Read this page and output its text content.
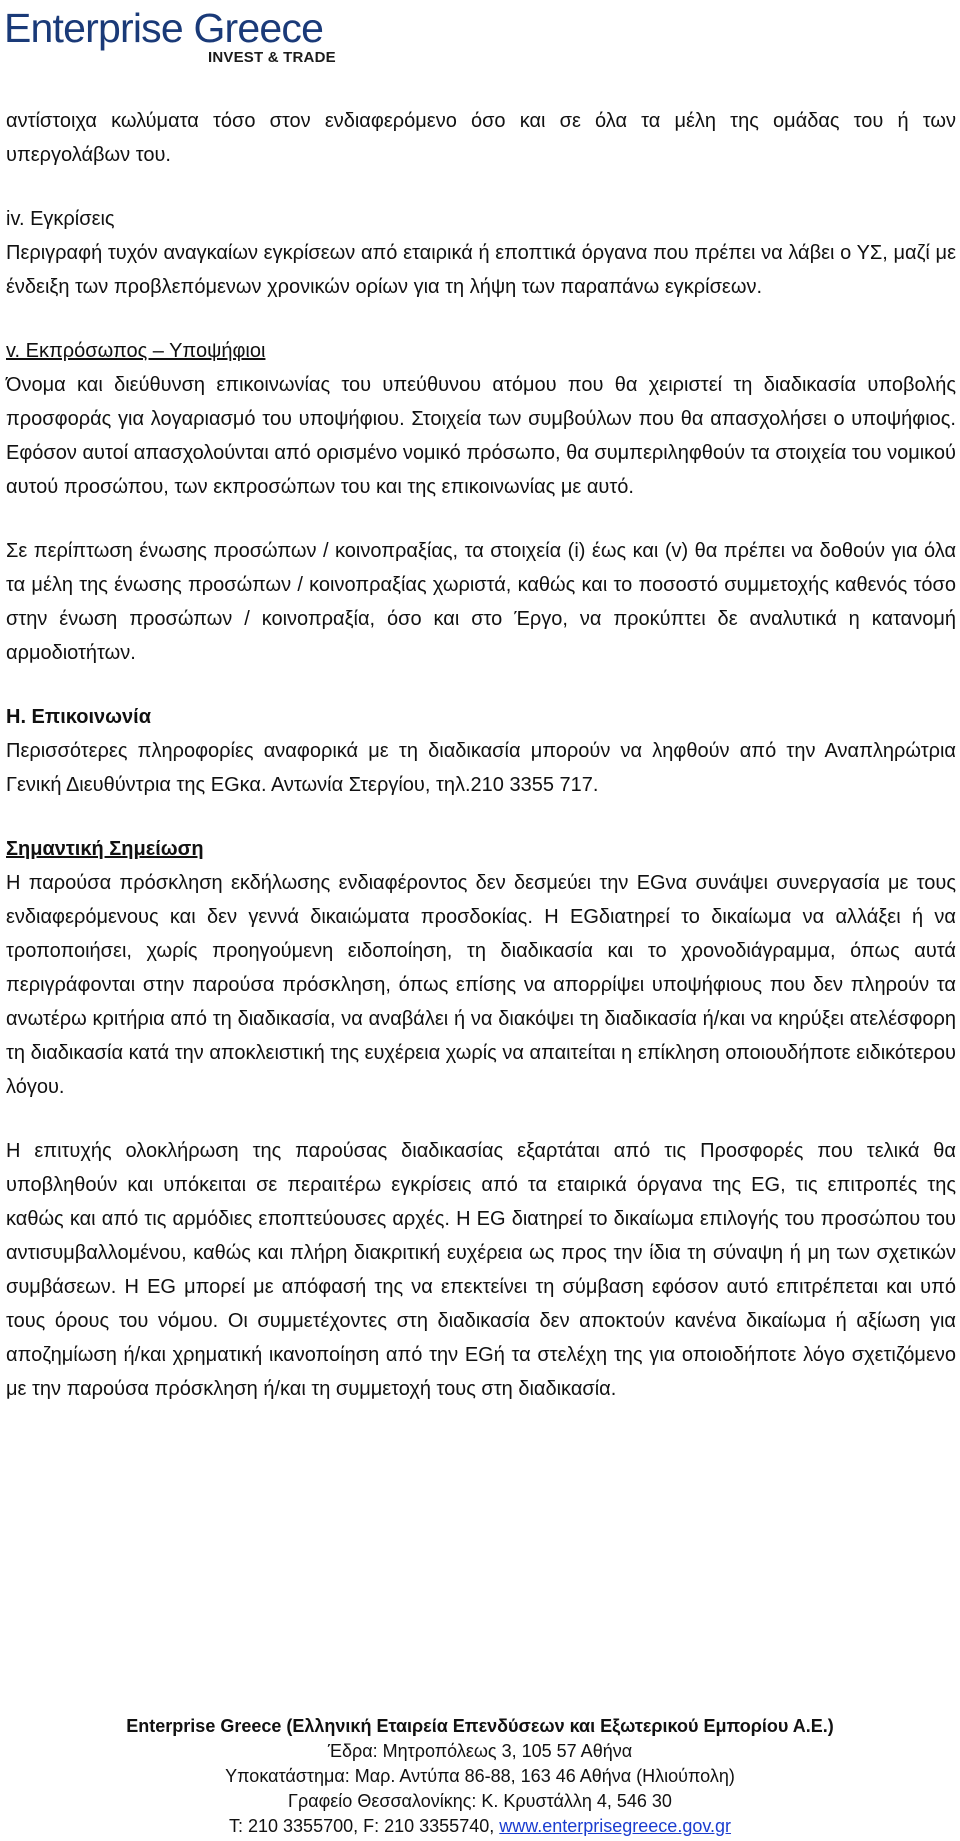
Enterprise Greece
INVEST & TRADE

αντίστοιχα κωλύματα τόσο στον ενδιαφερόμενο όσο και σε όλα τα μέλη της ομάδας του ή των υπεργολάβων του.

iv. Εγκρίσεις

Περιγραφή τυχόν αναγκαίων εγκρίσεων από εταιρικά ή εποπτικά όργανα που πρέπει να λάβει ο ΥΣ, μαζί με ένδειξη των προβλεπόμενων χρονικών ορίων για τη λήψη των παραπάνω εγκρίσεων.

v. Εκπρόσωπος – Υποψήφιοι

Όνομα και διεύθυνση επικοινωνίας του υπεύθυνου ατόμου που θα χειριστεί τη διαδικασία υποβολής προσφοράς για λογαριασμό του υποψήφιου. Στοιχεία των συμβούλων που θα απασχολήσει ο υποψήφιος. Εφόσον αυτοί απασχολούνται από ορισμένο νομικό πρόσωπο, θα συμπεριληφθούν τα στοιχεία του νομικού αυτού προσώπου, των εκπροσώπων του και της επικοινωνίας με αυτό.

Σε περίπτωση ένωσης προσώπων / κοινοπραξίας, τα στοιχεία (i) έως και (v) θα πρέπει να δοθούν για όλα τα μέλη της ένωσης προσώπων / κοινοπραξίας χωριστά, καθώς και το ποσοστό συμμετοχής καθενός τόσο στην ένωση προσώπων / κοινοπραξία, όσο και στο Έργο, να προκύπτει δε αναλυτικά η κατανομή αρμοδιοτήτων.

Η. Επικοινωνία

Περισσότερες πληροφορίες αναφορικά με τη διαδικασία μπορούν να ληφθούν από την Αναπληρώτρια Γενική Διευθύντρια της EGκα. Αντωνία Στεργίου, τηλ.210 3355 717.

Σημαντική Σημείωση

Η παρούσα πρόσκληση εκδήλωσης ενδιαφέροντος δεν δεσμεύει την EGνα συνάψει συνεργασία με τους ενδιαφερόμενους και δεν γεννά δικαιώματα προσδοκίας. Η EGδιατηρεί το δικαίωμα να αλλάξει ή να τροποποιήσει, χωρίς προηγούμενη ειδοποίηση, τη διαδικασία και το χρονοδιάγραμμα, όπως αυτά περιγράφονται στην παρούσα πρόσκληση, όπως επίσης να απορρίψει υποψήφιους που δεν πληρούν τα ανωτέρω κριτήρια από τη διαδικασία, να αναβάλει ή να διακόψει τη διαδικασία ή/και να κηρύξει ατελέσφορη τη διαδικασία κατά την αποκλειστική της ευχέρεια χωρίς να απαιτείται η επίκληση οποιουδήποτε ειδικότερου λόγου.

Η επιτυχής ολοκλήρωση της παρούσας διαδικασίας εξαρτάται από τις Προσφορές που τελικά θα υποβληθούν και υπόκειται σε περαιτέρω εγκρίσεις από τα εταιρικά όργανα της EG, τις επιτροπές της καθώς και από τις αρμόδιες εποπτεύουσες αρχές. Η EG διατηρεί το δικαίωμα επιλογής του προσώπου του αντισυμβαλλομένου, καθώς και πλήρη διακριτική ευχέρεια ως προς την ίδια τη σύναψη ή μη των σχετικών συμβάσεων. Η EG μπορεί με απόφασή της να επεκτείνει τη σύμβαση εφόσον αυτό επιτρέπεται και υπό τους όρους του νόμου. Οι συμμετέχοντες στη διαδικασία δεν αποκτούν κανένα δικαίωμα ή αξίωση για αποζημίωση ή/και χρηματική ικανοποίηση από την EGή τα στελέχη της για οποιοδήποτε λόγο σχετιζόμενο με την παρούσα πρόσκληση ή/και τη συμμετοχή τους στη διαδικασία.

Enterprise Greece (Ελληνική Εταιρεία Επενδύσεων και Εξωτερικού Εμπορίου Α.Ε.)
Έδρα: Μητροπόλεως 3, 105 57 Αθήνα
Υποκατάστημα: Μαρ. Αντύπα 86-88, 163 46 Αθήνα (Ηλιούπολη)
Γραφείο Θεσσαλονίκης: Κ. Κρυστάλλη 4, 546 30
Τ: 210 3355700, F: 210 3355740, www.enterprisegreece.gov.gr
